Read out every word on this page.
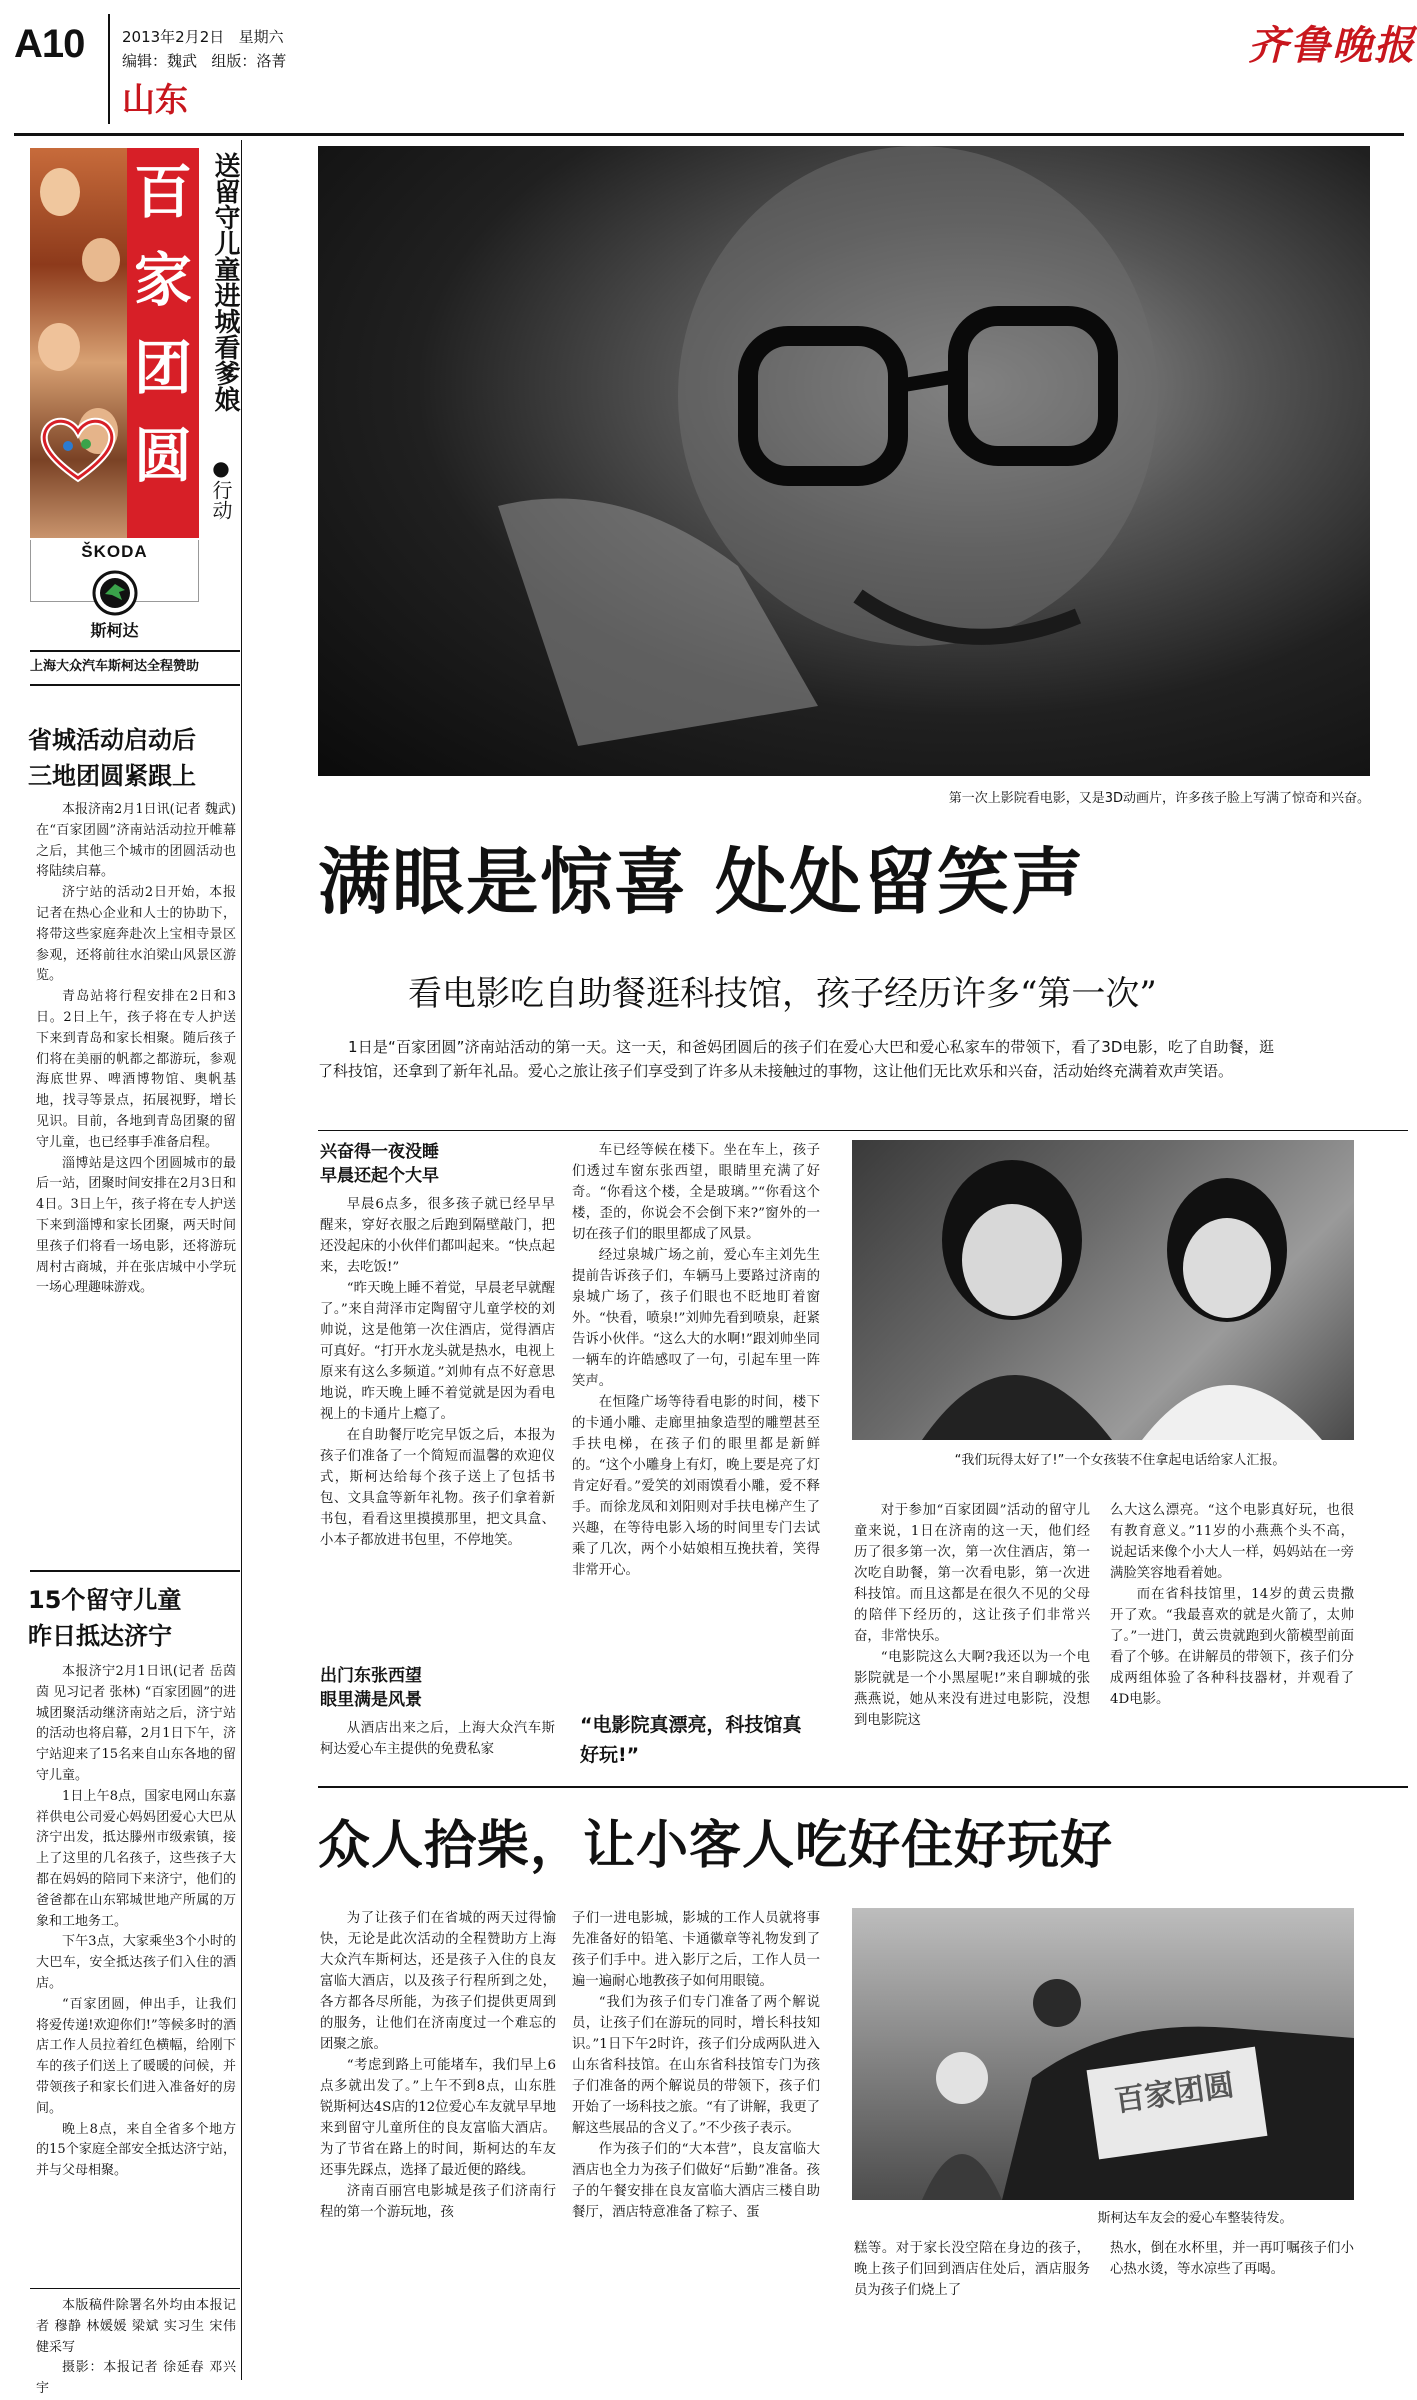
A10	2013年2月2日 星期六
编辑：魏武 组版：洛菁
山东
齐鲁晚报
百
家
团
圆
送留守儿童进城看爹娘
●行动
ŠKODA
斯柯达
上海大众汽车斯柯达全程赞助
省城活动启动后
三地团圆紧跟上

本报济南2月1日讯(记者 魏武) 在“百家团圆”济南站活动拉开帷幕之后，其他三个城市的团圆活动也将陆续启幕。

济宁站的活动2日开始，本报记者在热心企业和人士的协助下，将带这些家庭奔赴次上宝相寺景区参观，还将前往水泊梁山风景区游览。

青岛站将行程安排在2日和3日。2日上午，孩子将在专人护送下来到青岛和家长相聚。随后孩子们将在美丽的帆都之都游玩，参观海底世界、啤酒博物馆、奥帆基地，找寻等景点，拓展视野，增长见识。目前，各地到青岛团聚的留守儿童，也已经事手准备启程。

淄博站是这四个团圆城市的最后一站，团聚时间安排在2月3日和4日。3日上午，孩子将在专人护送下来到淄博和家长团聚，两天时间里孩子们将看一场电影，还将游玩周村古商城，并在张店城中小学玩一场心理趣味游戏。

15个留守儿童
昨日抵达济宁

本报济宁2月1日讯(记者 岳茵茵 见习记者 张林) “百家团圆”的进城团聚活动继济南站之后，济宁站的活动也将启幕，2月1日下午，济宁站迎来了15名来自山东各地的留守儿童。

1日上午8点，国家电网山东嘉祥供电公司爱心妈妈团爱心大巴从济宁出发，抵达滕州市级索镇，接上了这里的几名孩子，这些孩子大都在妈妈的陪同下来济宁，他们的爸爸都在山东郓城世地产所属的万象和工地务工。

下午3点，大家乘坐3个小时的大巴车，安全抵达孩子们入住的酒店。

“百家团圆，伸出手，让我们将爱传递!欢迎你们!”等候多时的酒店工作人员拉着红色横幅，给刚下车的孩子们送上了暖暖的问候，并带领孩子和家长们进入准备好的房间。

晚上8点，来自全省多个地方的15个家庭全部安全抵达济宁站，并与父母相聚。

本版稿件除署名外均由本报记者 穆静 林媛媛 梁斌 实习生 宋伟健采写

摄影：本报记者 徐延春 邓兴宇

第一次上影院看电影，又是3D动画片，许多孩子脸上写满了惊奇和兴奋。
满眼是惊喜 处处留笑声
看电影吃自助餐逛科技馆，孩子经历许多“第一次”

1日是“百家团圆”济南站活动的第一天。这一天，和爸妈团圆后的孩子们在爱心大巴和爱心私家车的带领下，看了3D电影，吃了自助餐，逛了科技馆，还拿到了新年礼品。爱心之旅让孩子们享受到了许多从未接触过的事物，这让他们无比欢乐和兴奋，活动始终充满着欢声笑语。

兴奋得一夜没睡
早晨还起个大早

早晨6点多，很多孩子就已经早早醒来，穿好衣服之后跑到隔壁敲门，把还没起床的小伙伴们都叫起来。“快点起来，去吃饭!”

“昨天晚上睡不着觉，早晨老早就醒了。”来自菏泽市定陶留守儿童学校的刘帅说，这是他第一次住酒店，觉得酒店可真好。“打开水龙头就是热水，电视上原来有这么多频道。”刘帅有点不好意思地说，昨天晚上睡不着觉就是因为看电视上的卡通片上瘾了。

在自助餐厅吃完早饭之后，本报为孩子们准备了一个简短而温馨的欢迎仪式，斯柯达给每个孩子送上了包括书包、文具盒等新年礼物。孩子们拿着新书包，看看这里摸摸那里，把文具盒、小本子都放进书包里，不停地笑。

出门东张西望
眼里满是风景

从酒店出来之后，上海大众汽车斯柯达爱心车主提供的免费私家

车已经等候在楼下。坐在车上，孩子们透过车窗东张西望，眼睛里充满了好奇。“你看这个楼，全是玻璃。”“你看这个楼，歪的，你说会不会倒下来?”窗外的一切在孩子们的眼里都成了风景。

经过泉城广场之前，爱心车主刘先生提前告诉孩子们，车辆马上要路过济南的泉城广场了，孩子们眼也不眨地盯着窗外。“快看，喷泉!”刘帅先看到喷泉，赶紧告诉小伙伴。“这么大的水啊!”跟刘帅坐同一辆车的许皓感叹了一句，引起车里一阵笑声。

在恒隆广场等待看电影的时间，楼下的卡通小雕、走廊里抽象造型的雕塑甚至手扶电梯，在孩子们的眼里都是新鲜的。“这个小雕身上有灯，晚上要是亮了灯肯定好看。”爱笑的刘雨馍看小雕，爱不释手。而徐龙凤和刘阳则对手扶电梯产生了兴趣，在等待电影入场的时间里专门去试乘了几次，两个小姑娘相互挽扶着，笑得非常开心。

“电影院真漂亮，科技馆真好玩!”
“我们玩得太好了!”一个女孩装不住拿起电话给家人汇报。

对于参加“百家团圆”活动的留守儿童来说，1日在济南的这一天，他们经历了很多第一次，第一次住酒店，第一次吃自助餐，第一次看电影，第一次进科技馆。而且这都是在很久不见的父母的陪伴下经历的，这让孩子们非常兴奋，非常快乐。

“电影院这么大啊?我还以为一个电影院就是一个小黑屋呢!”来自聊城的张燕燕说，她从来没有进过电影院，没想到电影院这

么大这么漂亮。“这个电影真好玩，也很有教育意义。”11岁的小燕燕个头不高，说起话来像个小大人一样，妈妈站在一旁满脸笑容地看着她。

而在省科技馆里，14岁的黄云贵撒开了欢。“我最喜欢的就是火箭了，太帅了。”一进门，黄云贵就跑到火箭模型前面看了个够。在讲解员的带领下，孩子们分成两组体验了各种科技器材，并观看了4D电影。

众人拾柴，让小客人吃好住好玩好

为了让孩子们在省城的两天过得愉快，无论是此次活动的全程赞助方上海大众汽车斯柯达，还是孩子入住的良友富临大酒店，以及孩子行程所到之处，各方都各尽所能，为孩子们提供更周到的服务，让他们在济南度过一个难忘的团聚之旅。

“考虑到路上可能堵车，我们早上6点多就出发了。”上午不到8点，山东胜锐斯柯达4S店的12位爱心车友就早早地来到留守儿童所住的良友富临大酒店。为了节省在路上的时间，斯柯达的车友还事先踩点，选择了最近便的路线。

济南百丽宫电影城是孩子们济南行程的第一个游玩地，孩

子们一进电影城，影城的工作人员就将事先准备好的铅笔、卡通徽章等礼物发到了孩子们手中。进入影厅之后，工作人员一遍一遍耐心地教孩子如何用眼镜。

“我们为孩子们专门准备了两个解说员，让孩子们在游玩的同时，增长科技知识。”1日下午2时许，孩子们分成两队进入山东省科技馆。在山东省科技馆专门为孩子们准备的两个解说员的带领下，孩子们开始了一场科技之旅。“有了讲解，我更了解这些展品的含义了。”不少孩子表示。

作为孩子们的“大本营”，良友富临大酒店也全力为孩子们做好“后勤”准备。孩子的午餐安排在良友富临大酒店三楼自助餐厅，酒店特意准备了粽子、蛋

百家团圆
斯柯达车友会的爱心车整装待发。

糕等。对于家长没空陪在身边的孩子，晚上孩子们回到酒店住处后，酒店服务员为孩子们烧上了

热水，倒在水杯里，并一再叮嘱孩子们小心热水烫，等水凉些了再喝。
